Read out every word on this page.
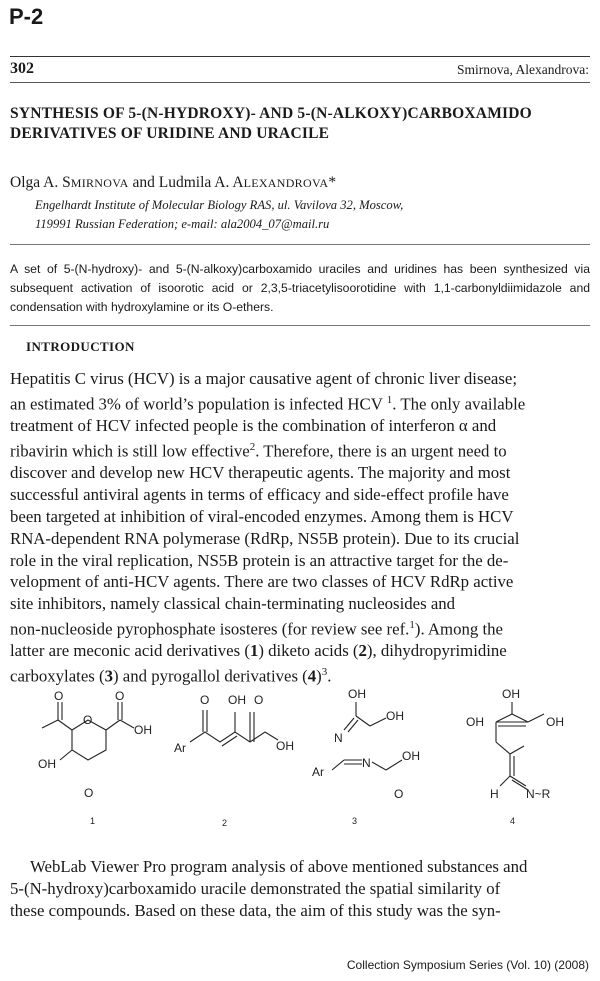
P-2
302	Smirnova, Alexandrova:
SYNTHESIS OF 5-(N-HYDROXY)- AND 5-(N-ALKOXY)CARBOXAMIDO
DERIVATIVES OF URIDINE AND URACILE
Olga A. SMIRNOVA and Ludmila A. ALEXANDROVA*
Engelhardt Institute of Molecular Biology RAS, ul. Vavilova 32, Moscow,
119991 Russian Federation; e-mail: ala2004_07@mail.ru
A set of 5-(N-hydroxy)- and 5-(N-alkoxy)carboxamido uraciles and uridines has been synthesized via subsequent activation of isoorotic acid or 2,3,5-triacetylisoorotidine with 1,1-carbonyldiimidazole and condensation with hydroxylamine or its O-ethers.
INTRODUCTION
Hepatitis C virus (HCV) is a major causative agent of chronic liver disease;
an estimated 3% of world’s population is infected HCV $^1$. The only available
treatment of HCV infected people is the combination of interferon α and
ribavirin which is still low effective$^2$. Therefore, there is an urgent need to
discover and develop new HCV therapeutic agents. The majority and most
successful antiviral agents in terms of efficacy and side-effect profile have
been targeted at inhibition of viral-encoded enzymes. Among them is HCV
RNA-dependent RNA polymerase (RdRp, NS5B protein). Due to its crucial
role in the viral replication, NS5B protein is an attractive target for the de-
velopment of anti-HCV agents. There are two classes of HCV RdRp active
site inhibitors, namely classical chain-terminating nucleosides and
non-nucleoside pyrophosphate isosteres (for review see ref.$^1$). Among the
latter are meconic acid derivatives (1) diketo acids (2), dihydropyrimidine
carboxylates (3) and pyrogallol derivatives $(4)^3$.
O
O
O
OH
OH
O
1
O OH O
Ar	OH
2
OH
OH
N
Ar
N	OH
O
3
OH
OH	OH
H N~R
4
WebLab Viewer Pro program analysis of above mentioned substances and
5-(N-hydroxy)carboxamido uracile demonstrated the spatial similarity of
these compounds. Based on these data, the aim of this study was the syn-
Collection Symposium Series (Vol. 10) (2008)
